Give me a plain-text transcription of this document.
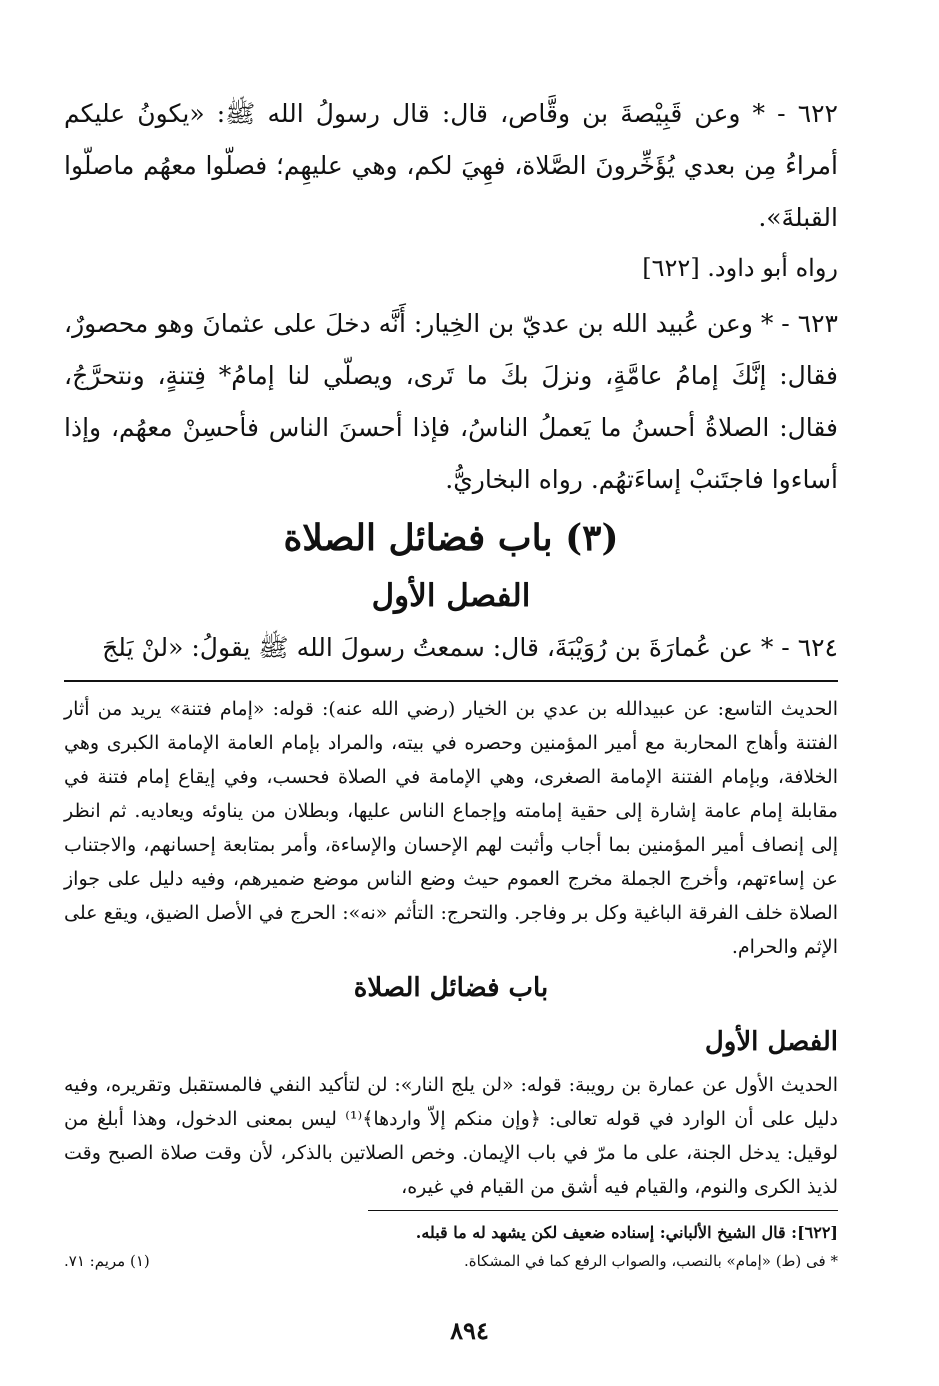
٦٢٢ - * وعن قَبِيْصةَ بن وقَّاص، قال: قال رسولُ الله ﷺ: «يكونُ عليكم أمراءُ مِن بعدي يُؤَخِّرونَ الصَّلاة، فهِيَ لكم، وهي عليهِم؛ فصلّوا معهُم ماصلّوا القبلةَ».

رواه أبو داود. [٦٢٢]

٦٢٣ - * وعن عُبيد الله بن عديّ بن الخِيار: أَنَّه دخلَ على عثمانَ وهو محصورٌ، فقال: إنَّكَ إمامُ عامَّةٍ، ونزلَ بكَ ما تَرى، ويصلّي لنا إمامُ* فِتنةٍ، ونتحرَّجُ، فقال: الصلاةُ أحسنُ ما يَعملُ الناسُ، فإذا أحسنَ الناس فأحسِنْ معهُم، وإذا أساءوا فاجتَنبْ إساءَتهُم. رواه البخاريُّ.

(٣) باب فضائل الصلاة
الفصل الأول

٦٢٤ - * عن عُمارَةَ بن رُوَيْبَةَ، قال: سمعتُ رسولَ الله ﷺ يقولُ: «لنْ يَلجَ

الحديث التاسع: عن عبيدالله بن عدي بن الخيار (رضي الله عنه): قوله: «إمام فتنة» يريد من أثار الفتنة وأهاج المحاربة مع أمير المؤمنين وحصره في بيته، والمراد بإمام العامة الإمامة الكبرى وهي الخلافة، وبإمام الفتنة الإمامة الصغرى، وهي الإمامة في الصلاة فحسب، وفي إيقاع إمام فتنة في مقابلة إمام عامة إشارة إلى حقية إمامته وإجماع الناس عليها، وبطلان من يناوئه ويعاديه. ثم انظر إلى إنصاف أمير المؤمنين بما أجاب وأثبت لهم الإحسان والإساءة، وأمر بمتابعة إحسانهم، والاجتناب عن إساءتهم، وأخرج الجملة مخرج العموم حيث وضع الناس موضع ضميرهم، وفيه دليل على جواز الصلاة خلف الفرقة الباغية وكل بر وفاجر. والتحرج: التأثم «نه»: الحرج في الأصل الضيق، ويقع على الإثم والحرام.

باب فضائل الصلاة
الفصل الأول

الحديث الأول عن عمارة بن رويبة: قوله: «لن يلج النار»: لن لتأكيد النفي فالمستقبل وتقريره، وفيه دليل على أن الوارد في قوله تعالى: ﴿وإن منكم إلاّ واردها﴾⁽¹⁾ ليس بمعنى الدخول، وهذا أبلغ من لوقيل: يدخل الجنة، على ما مرّ في باب الإيمان. وخص الصلاتين بالذكر، لأن وقت صلاة الصبح وقت لذيذ الكرى والنوم، والقيام فيه أشق من القيام في غيره،

[٦٢٢]: قال الشيخ الألباني: إسناده ضعيف لكن يشهد له ما قبله.

* فى (ط) «إمام» بالنصب، والصواب الرفع كما في المشكاة.
(١) مريم: ٧١.
٨٩٤
